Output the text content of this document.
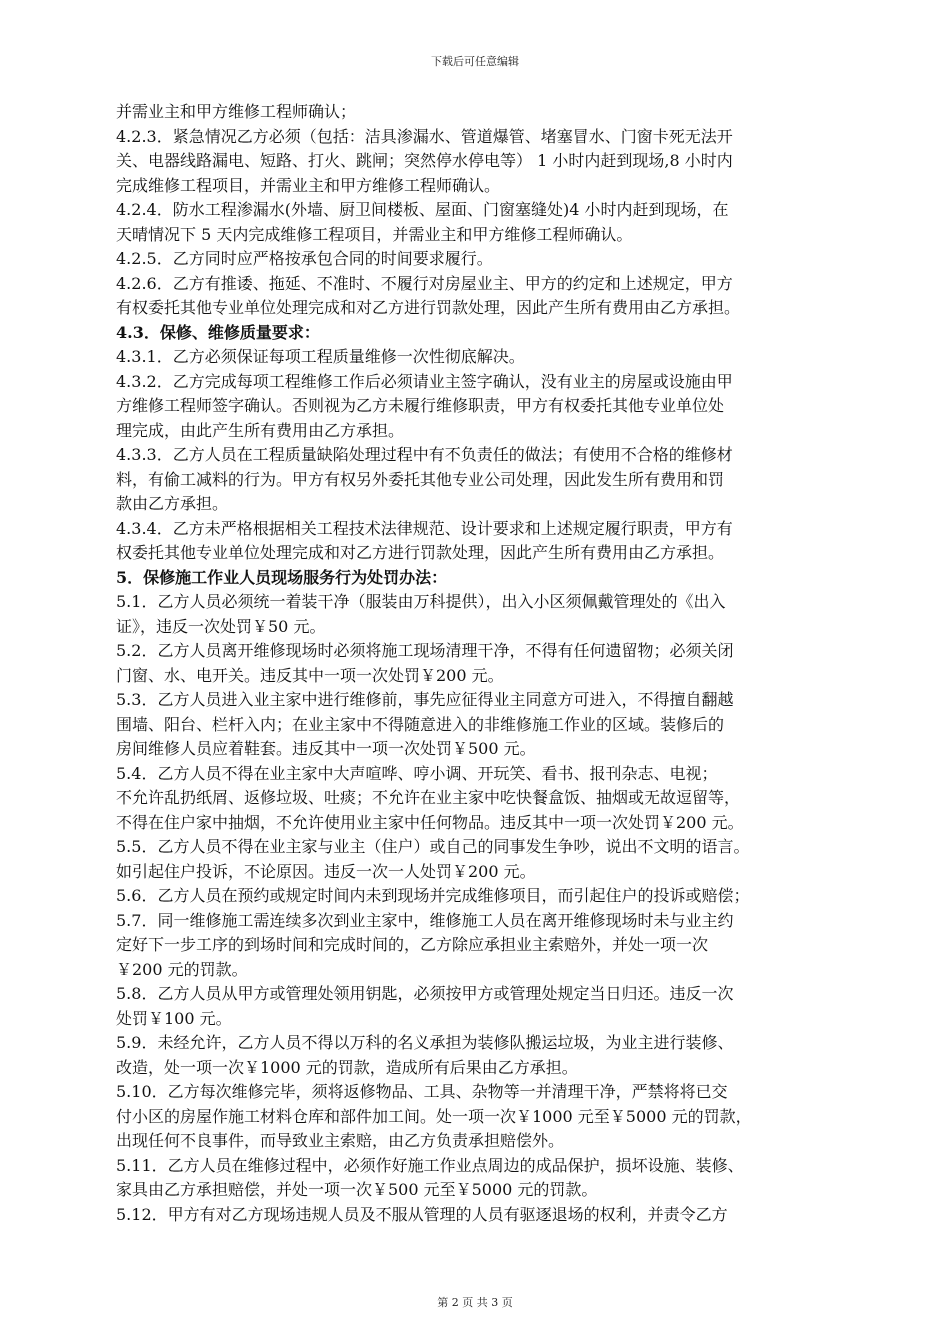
下载后可任意编辑
并需业主和甲方维修工程师确认；
4.2.3．紧急情况乙方必须（包括：洁具渗漏水、管道爆管、堵塞冒水、门窗卡死无法开
关、电器线路漏电、短路、打火、跳闸；突然停水停电等） 1 小时内赶到现场,8 小时内
完成维修工程项目，并需业主和甲方维修工程师确认。
4.2.4．防水工程渗漏水(外墙、厨卫间楼板、屋面、门窗塞缝处)4 小时内赶到现场，在
天晴情况下 5 天内完成维修工程项目，并需业主和甲方维修工程师确认。
4.2.5．乙方同时应严格按承包合同的时间要求履行。
4.2.6．乙方有推诿、拖延、不准时、不履行对房屋业主、甲方的约定和上述规定，甲方
有权委托其他专业单位处理完成和对乙方进行罚款处理，因此产生所有费用由乙方承担。
4.3．保修、维修质量要求：
4.3.1．乙方必须保证每项工程质量维修一次性彻底解决。
4.3.2．乙方完成每项工程维修工作后必须请业主签字确认，没有业主的房屋或设施由甲
方维修工程师签字确认。否则视为乙方未履行维修职责，甲方有权委托其他专业单位处
理完成，由此产生所有费用由乙方承担。
4.3.3．乙方人员在工程质量缺陷处理过程中有不负责任的做法；有使用不合格的维修材
料，有偷工减料的行为。甲方有权另外委托其他专业公司处理，因此发生所有费用和罚
款由乙方承担。
4.3.4．乙方未严格根据相关工程技术法律规范、设计要求和上述规定履行职责，甲方有
权委托其他专业单位处理完成和对乙方进行罚款处理，因此产生所有费用由乙方承担。
5．保修施工作业人员现场服务行为处罚办法：
5.1．乙方人员必须统一着装干净（服装由万科提供），出入小区须佩戴管理处的《出入
证》，违反一次处罚￥50 元。
5.2．乙方人员离开维修现场时必须将施工现场清理干净，不得有任何遗留物；必须关闭
门窗、水、电开关。违反其中一项一次处罚￥200 元。
5.3．乙方人员进入业主家中进行维修前，事先应征得业主同意方可进入，不得擅自翻越
围墙、阳台、栏杆入内；在业主家中不得随意进入的非维修施工作业的区域。装修后的
房间维修人员应着鞋套。违反其中一项一次处罚￥500 元。
5.4．乙方人员不得在业主家中大声喧哗、哼小调、开玩笑、看书、报刊杂志、电视；
不允许乱扔纸屑、返修垃圾、吐痰；不允许在业主家中吃快餐盒饭、抽烟或无故逗留等，
不得在住户家中抽烟，不允许使用业主家中任何物品。违反其中一项一次处罚￥200 元。
5.5．乙方人员不得在业主家与业主（住户）或自己的同事发生争吵，说出不文明的语言。
如引起住户投诉，不论原因。违反一次一人处罚￥200 元。
5.6．乙方人员在预约或规定时间内未到现场并完成维修项目，而引起住户的投诉或赔偿；
5.7．同一维修施工需连续多次到业主家中，维修施工人员在离开维修现场时未与业主约
定好下一步工序的到场时间和完成时间的，乙方除应承担业主索赔外，并处一项一次
￥200 元的罚款。
5.8．乙方人员从甲方或管理处领用钥匙，必须按甲方或管理处规定当日归还。违反一次
处罚￥100 元。
5.9．未经允许，乙方人员不得以万科的名义承担为装修队搬运垃圾，为业主进行装修、
改造，处一项一次￥1000 元的罚款，造成所有后果由乙方承担。
5.10．乙方每次维修完毕，须将返修物品、工具、杂物等一并清理干净，严禁将将已交
付小区的房屋作施工材料仓库和部件加工间。处一项一次￥1000 元至￥5000 元的罚款，
出现任何不良事件，而导致业主索赔，由乙方负责承担赔偿外。
5.11．乙方人员在维修过程中，必须作好施工作业点周边的成品保护，损坏设施、装修、
家具由乙方承担赔偿，并处一项一次￥500 元至￥5000 元的罚款。
5.12．甲方有对乙方现场违规人员及不服从管理的人员有驱逐退场的权利，并责令乙方
第 2 页 共 3 页
